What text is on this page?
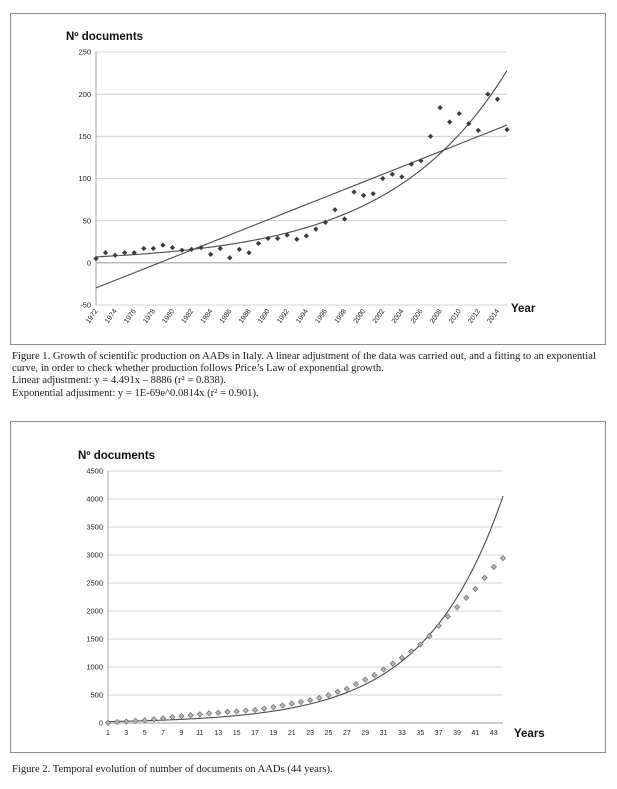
Nº documents
-50
0
50
100
150
200
250
1972 1974 1976 1978 1980 1982 1984 1986 1988 1990 1992 1994 1996 1998 2000 2002 2004 2006 2008 2010 2012 2014 Year
Figure 1. Growth of scientific production on AADs in Italy. A linear adjustment of the data was carried out, and a fitting to an exponential curve, in order to check whether production follows Price’s Law of exponential growth.
Linear adjustment: y = 4.491x – 8886 (r² = 0.838).
Exponential adjustment: y = 1E-69e^0.0814x (r² = 0.901).
Nº documents
0
500
1000
1500
2000
2500
3000
3500
4000
4500
1 3 5 7 9 11 13 15 17 19 21 23 25 27 29 31 33 35 37 39 41 43 Years
Figure 2. Temporal evolution of number of documents on AADs (44 years).
